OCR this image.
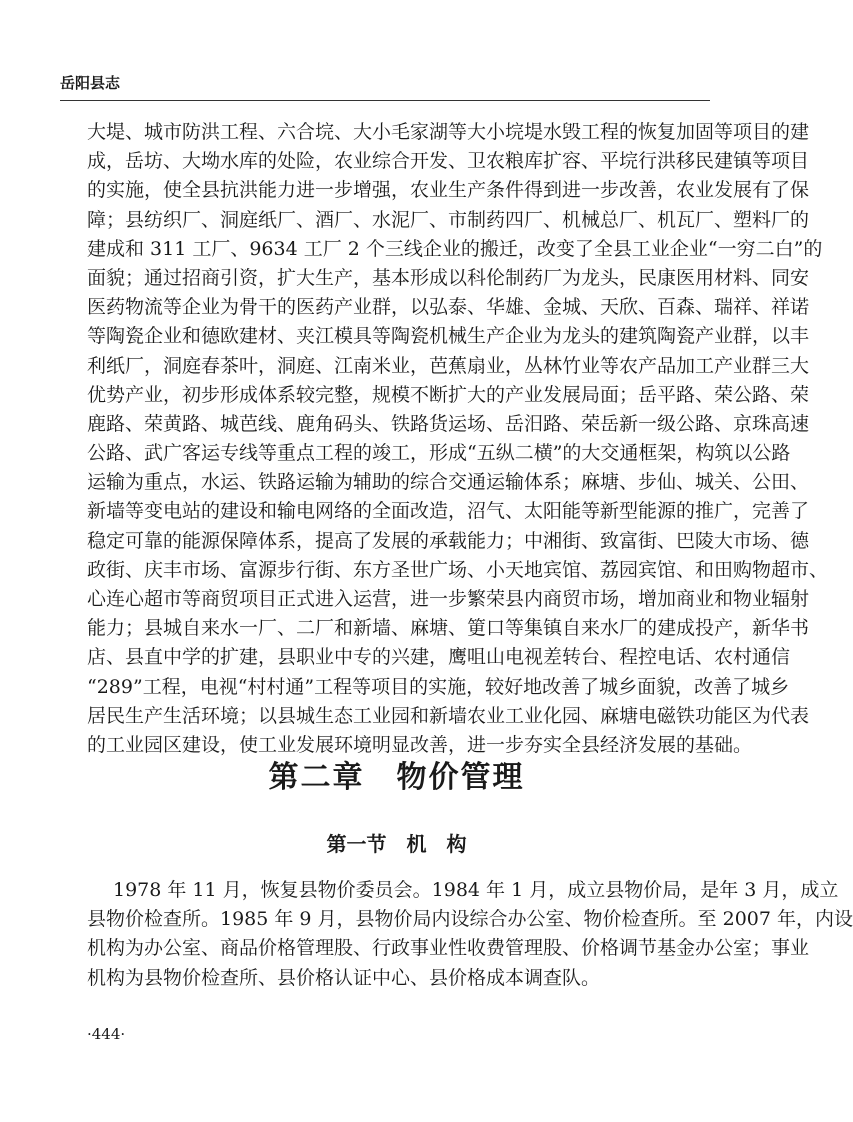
岳阳县志
大堤、城市防洪工程、六合垸、大小毛家湖等大小垸堤水毁工程的恢复加固等项目的建
成，岳坊、大坳水库的处险，农业综合开发、卫农粮库扩容、平垸行洪移民建镇等项目
的实施，使全县抗洪能力进一步增强，农业生产条件得到进一步改善，农业发展有了保
障；县纺织厂、洞庭纸厂、酒厂、水泥厂、市制药四厂、机械总厂、机瓦厂、塑料厂的
建成和 311 工厂、9634 工厂 2 个三线企业的搬迁，改变了全县工业企业“一穷二白”的
面貌；通过招商引资，扩大生产，基本形成以科伦制药厂为龙头，民康医用材料、同安
医药物流等企业为骨干的医药产业群，以弘泰、华雄、金城、天欣、百森、瑞祥、祥诺
等陶瓷企业和德欧建材、夹江模具等陶瓷机械生产企业为龙头的建筑陶瓷产业群，以丰
利纸厂，洞庭春茶叶，洞庭、江南米业，芭蕉扇业，丛林竹业等农产品加工产业群三大
优势产业，初步形成体系较完整，规模不断扩大的产业发展局面；岳平路、荣公路、荣
鹿路、荣黄路、城芭线、鹿角码头、铁路货运场、岳汨路、荣岳新一级公路、京珠高速
公路、武广客运专线等重点工程的竣工，形成“五纵二横”的大交通框架，构筑以公路
运输为重点，水运、铁路运输为辅助的综合交通运输体系；麻塘、步仙、城关、公田、
新墙等变电站的建设和输电网络的全面改造，沼气、太阳能等新型能源的推广，完善了
稳定可靠的能源保障体系，提高了发展的承载能力；中湘街、致富街、巴陵大市场、德
政街、庆丰市场、富源步行街、东方圣世广场、小天地宾馆、荔园宾馆、和田购物超市、
心连心超市等商贸项目正式进入运营，进一步繁荣县内商贸市场，增加商业和物业辐射
能力；县城自来水一厂、二厂和新墙、麻塘、筻口等集镇自来水厂的建成投产，新华书
店、县直中学的扩建，县职业中专的兴建，鹰咀山电视差转台、程控电话、农村通信
“289”工程，电视“村村通”工程等项目的实施，较好地改善了城乡面貌，改善了城乡
居民生产生活环境；以县城生态工业园和新墙农业工业化园、麻塘电磁铁功能区为代表
的工业园区建设，使工业发展环境明显改善，进一步夯实全县经济发展的基础。
第二章　物价管理
第一节　机　构
1978 年 11 月，恢复县物价委员会。1984 年 1 月，成立县物价局，是年 3 月，成立
县物价检查所。1985 年 9 月，县物价局内设综合办公室、物价检查所。至 2007 年，内设
机构为办公室、商品价格管理股、行政事业性收费管理股、价格调节基金办公室；事业
机构为县物价检查所、县价格认证中心、县价格成本调查队。
·444·
